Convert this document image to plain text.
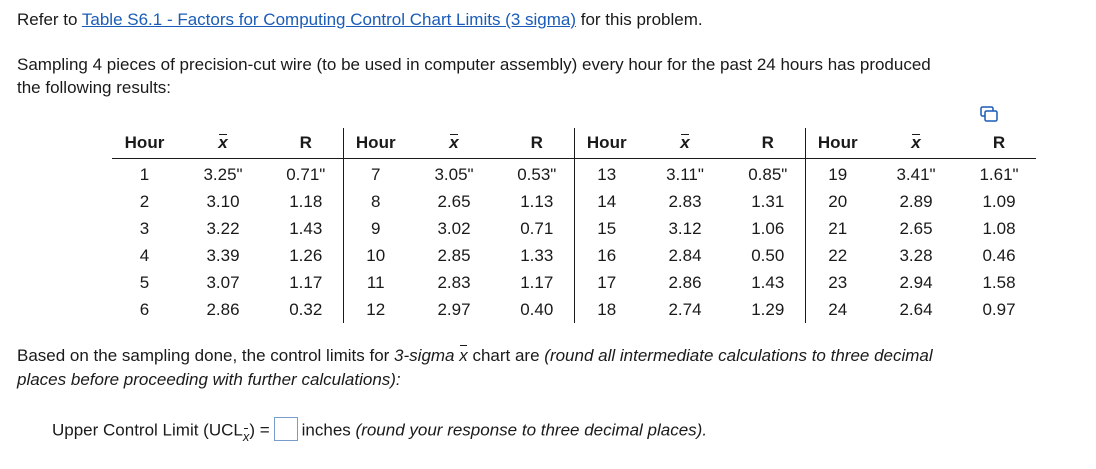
Refer to Table S6.1 - Factors for Computing Control Chart Limits (3 sigma) for this problem.
Sampling 4 pieces of precision-cut wire (to be used in computer assembly) every hour for the past 24 hours has produced
the following results:
Hour	x	R	Hour	x	R	Hour	x	R	Hour	x	R
1	3.25"	0.71"	7	3.05"	0.53"	13	3.11"	0.85"	19	3.41"	1.61"
2	3.10	1.18	8	2.65	1.13	14	2.83	1.31	20	2.89	1.09
3	3.22	1.43	9	3.02	0.71	15	3.12	1.06	21	2.65	1.08
4	3.39	1.26	10	2.85	1.33	16	2.84	0.50	22	3.28	0.46
5	3.07	1.17	11	2.83	1.17	17	2.86	1.43	23	2.94	1.58
6	2.86	0.32	12	2.97	0.40	18	2.74	1.29	24	2.64	0.97
Based on the sampling done, the control limits for 3-sigma x chart are (round all intermediate calculations to three decimal
places before proceeding with further calculations):
Upper Control Limit $(UCL_x)$ = inches (round your response to three decimal places).
